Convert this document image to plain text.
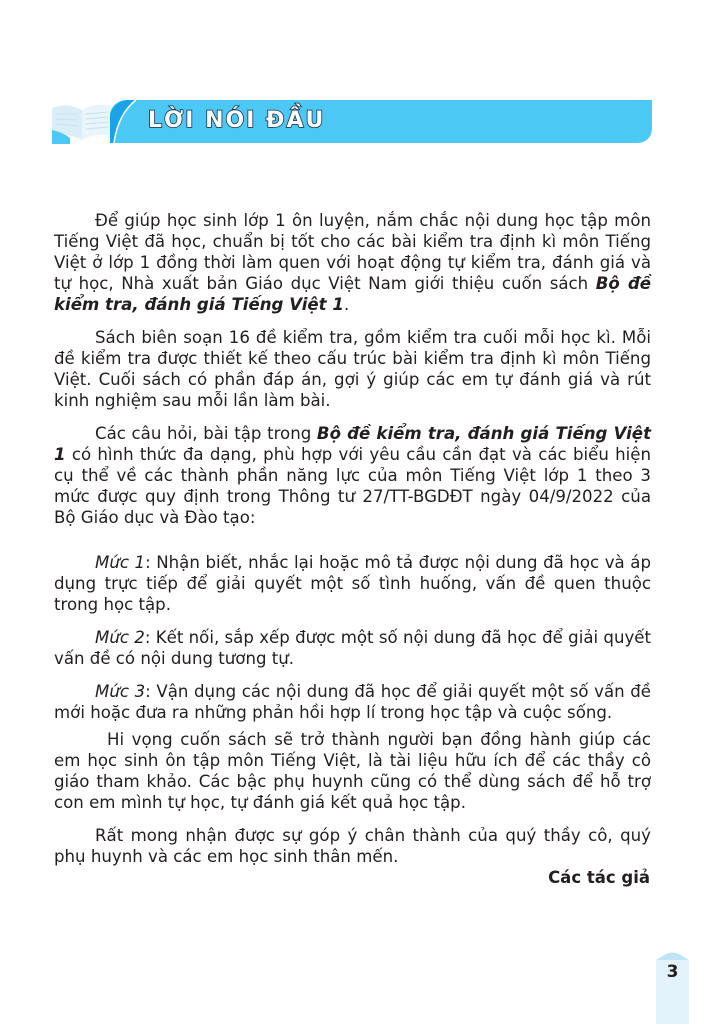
LỜI NÓI ĐẦU

Để giúp học sinh lớp 1 ôn luyện, nắm chắc nội dung học tập môn Tiếng Việt đã học, chuẩn bị tốt cho các bài kiểm tra định kì môn Tiếng Việt ở lớp 1 đồng thời làm quen với hoạt động tự kiểm tra, đánh giá và tự học, Nhà xuất bản Giáo dục Việt Nam giới thiệu cuốn sách Bộ đề kiểm tra, đánh giá Tiếng Việt 1.

Sách biên soạn 16 đề kiểm tra, gồm kiểm tra cuối mỗi học kì. Mỗi đề kiểm tra được thiết kế theo cấu trúc bài kiểm tra định kì môn Tiếng Việt. Cuối sách có phần đáp án, gợi ý giúp các em tự đánh giá và rút kinh nghiệm sau mỗi lần làm bài.

Các câu hỏi, bài tập trong Bộ đề kiểm tra, đánh giá Tiếng Việt 1 có hình thức đa dạng, phù hợp với yêu cầu cần đạt và các biểu hiện cụ thể về các thành phần năng lực của môn Tiếng Việt lớp 1 theo 3 mức được quy định trong Thông tư 27/TT-BGDĐT ngày 04/9/2022 của Bộ Giáo dục và Đào tạo:

Mức 1: Nhận biết, nhắc lại hoặc mô tả được nội dung đã học và áp dụng trực tiếp để giải quyết một số tình huống, vấn đề quen thuộc trong học tập.

Mức 2: Kết nối, sắp xếp được một số nội dung đã học để giải quyết vấn đề có nội dung tương tự.

Mức 3: Vận dụng các nội dung đã học để giải quyết một số vấn đề mới hoặc đưa ra những phản hồi hợp lí trong học tập và cuộc sống.

Hi vọng cuốn sách sẽ trở thành người bạn đồng hành giúp các em học sinh ôn tập môn Tiếng Việt, là tài liệu hữu ích để các thầy cô giáo tham khảo. Các bậc phụ huynh cũng có thể dùng sách để hỗ trợ con em mình tự học, tự đánh giá kết quả học tập.

Rất mong nhận được sự góp ý chân thành của quý thầy cô, quý phụ huynh và các em học sinh thân mến.

Các tác giả
3
